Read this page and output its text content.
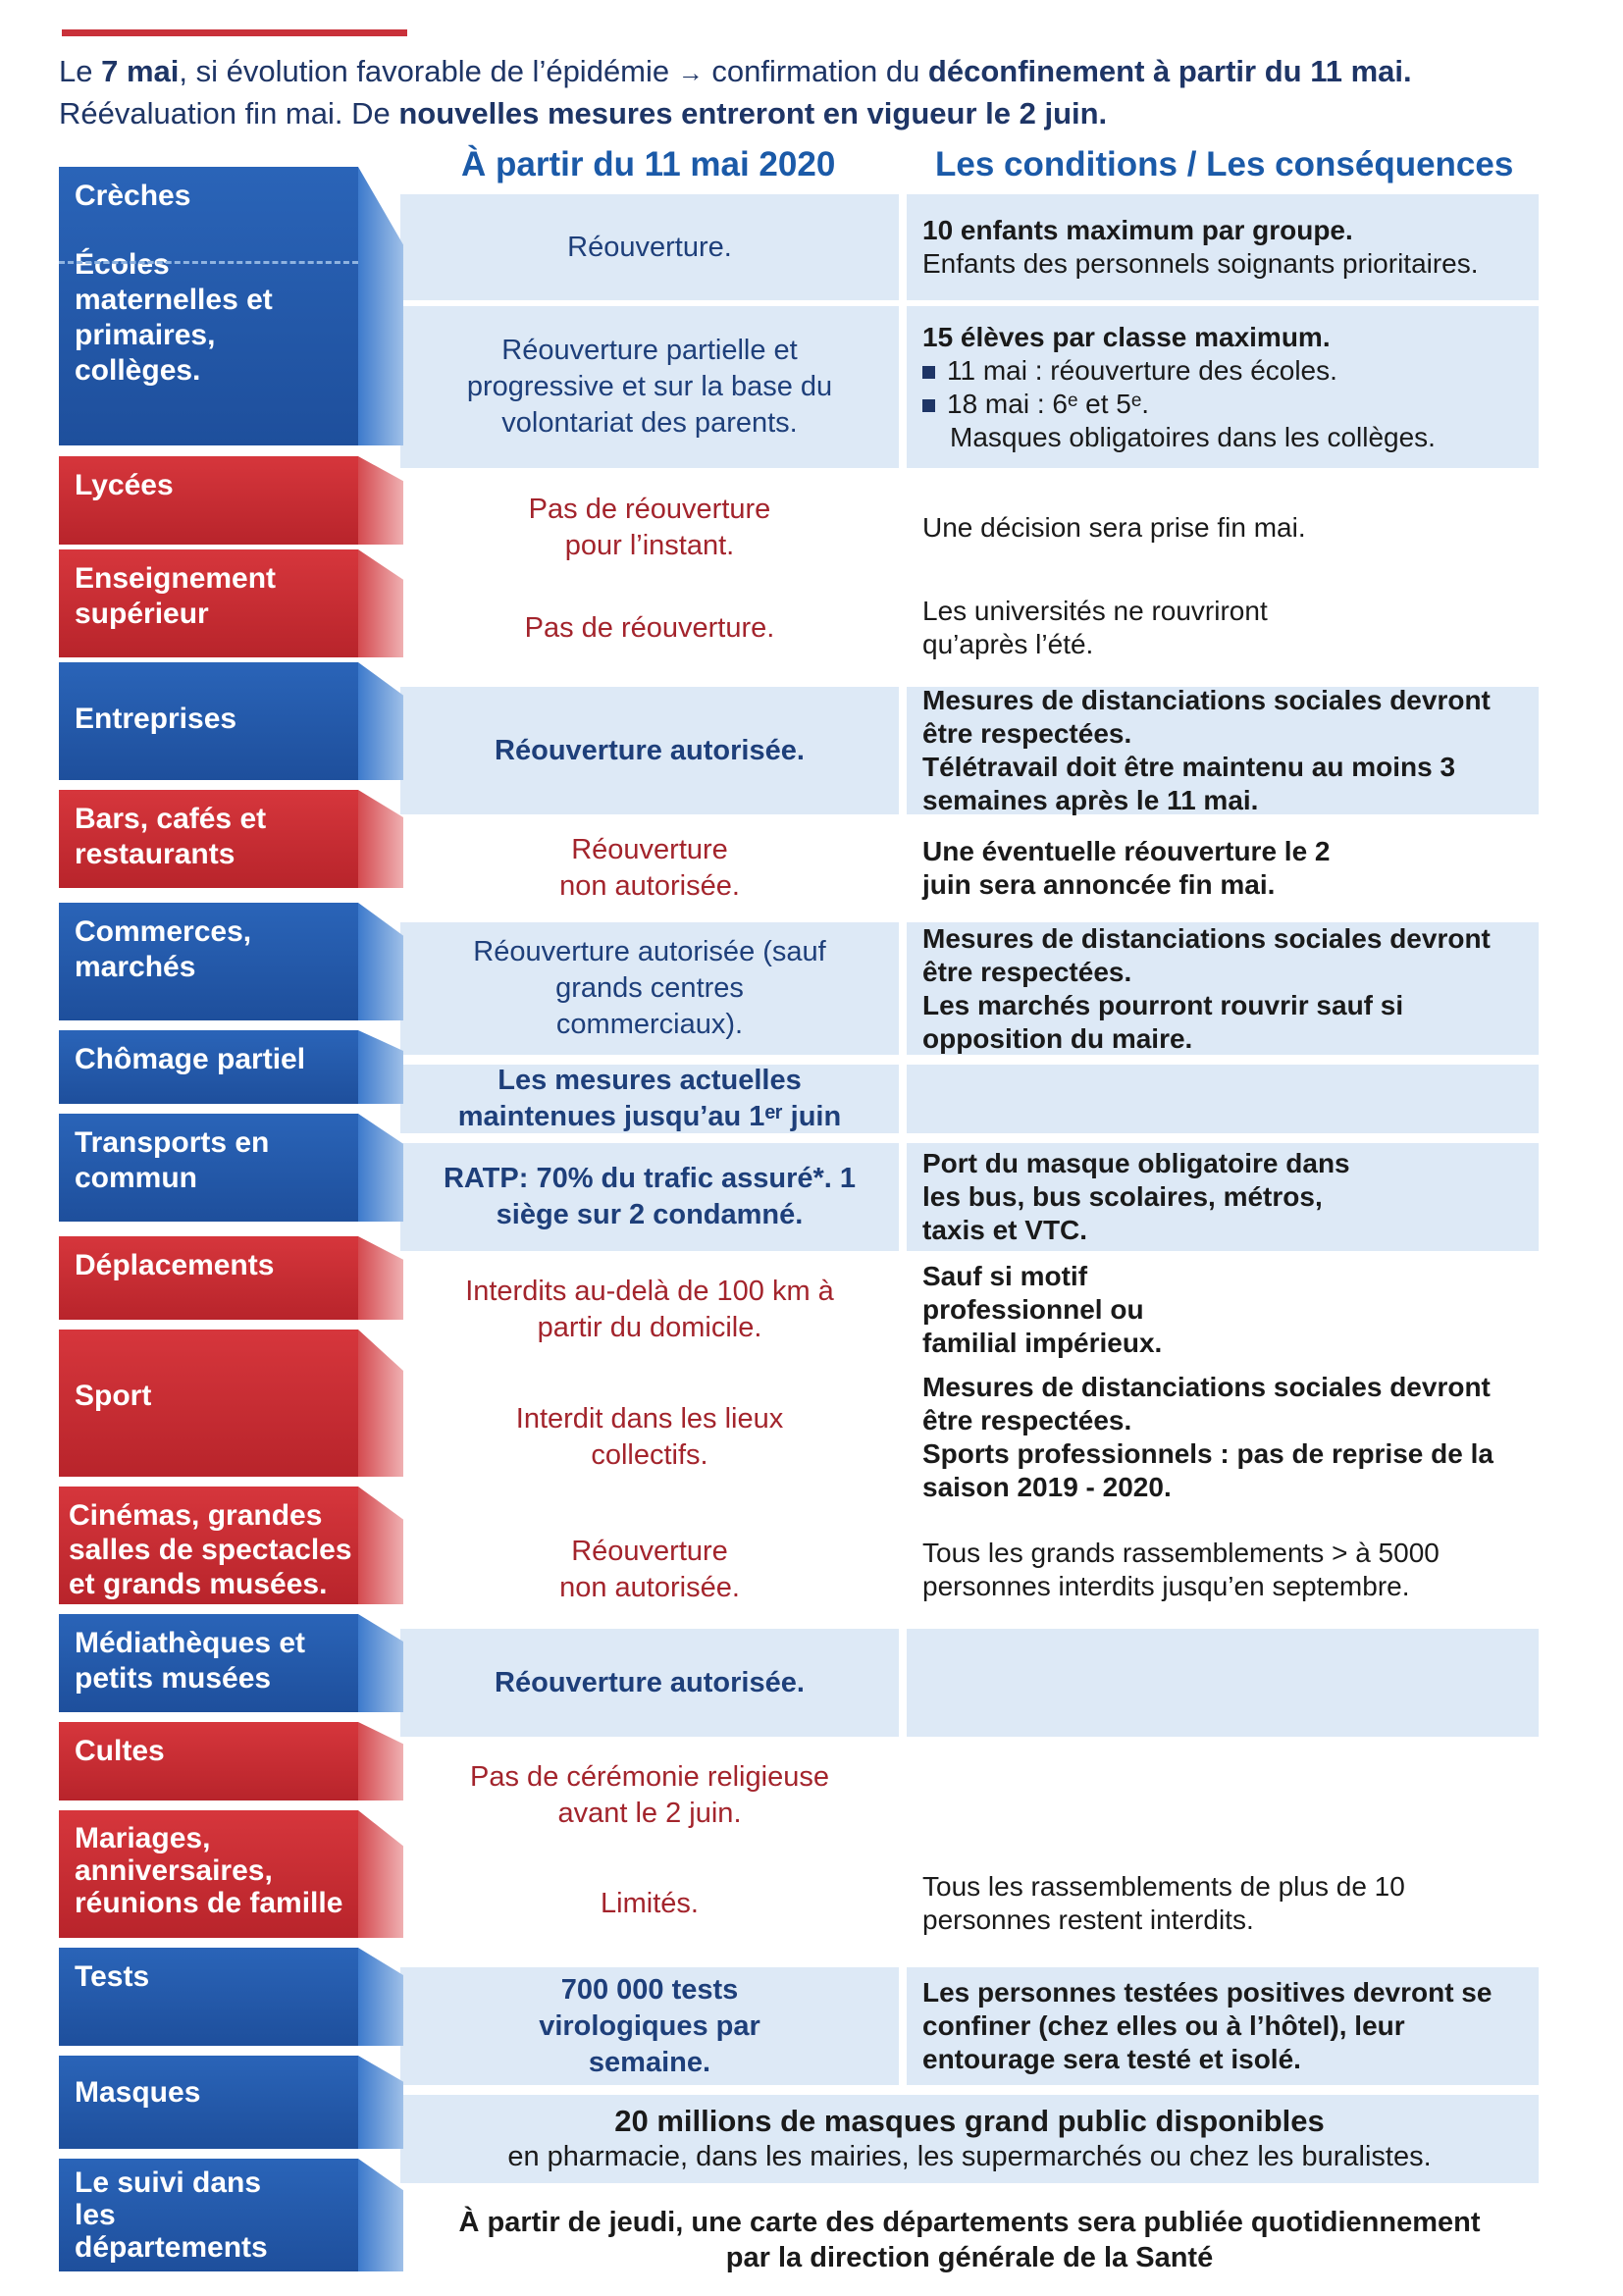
Le 7 mai, si évolution favorable de l’épidémie → confirmation du déconfinement à partir du 11 mai.
Réévaluation fin mai. De nouvelles mesures entreront en vigueur le 2 juin.
À partir du 11 mai 2020	Les conditions / Les conséquences
Réouverture.
10 enfants maximum par groupe.
Enfants des personnels soignants prioritaires.
Réouverture partielle et progressive et sur la base du volontariat des parents.
15 élèves par classe maximum.
11 mai : réouverture des écoles.
18 mai : 6ᵉ et 5ᵉ.
Masques obligatoires dans les collèges.
Pas de réouverture pour l’instant.
Une décision sera prise fin mai.
Pas de réouverture.
Les universités ne rouvriront qu’après l’été.
Réouverture autorisée.
Mesures de distanciations sociales devront être respectées.
Télétravail doit être maintenu au moins 3 semaines après le 11 mai.
Réouverture non autorisée.
Une éventuelle réouverture le 2 juin sera annoncée fin mai.
Réouverture autorisée (sauf grands centres commerciaux).
Mesures de distanciations sociales devront être respectées.
Les marchés pourront rouvrir sauf si opposition du maire.
Les mesures actuelles maintenues jusqu’au 1ᵉʳ juin
RATP: 70% du trafic assuré*. 1 siège sur 2 condamné.
Port du masque obligatoire dans les bus, bus scolaires, métros, taxis et VTC.
Interdits au-delà de 100 km à partir du domicile.
Sauf si motif professionnel ou familial impérieux.
Interdit dans les lieux collectifs.
Mesures de distanciations sociales devront être respectées.
Sports professionnels : pas de reprise de la saison 2019 - 2020.
Réouverture non autorisée.
Tous les grands rassemblements > à 5000 personnes interdits jusqu’en septembre.
Réouverture autorisée.
Pas de cérémonie religieuse avant le 2 juin.
Limités.
Tous les rassemblements de plus de 10 personnes restent interdits.
700 000 tests virologiques par semaine.
Les personnes testées positives devront se confiner (chez elles ou à l’hôtel), leur entourage sera testé et isolé.
20 millions de masques grand public disponibles
en pharmacie, dans les mairies, les supermarchés ou chez les buralistes.
À partir de jeudi, une carte des départements sera publiée quotidiennement
par la direction générale de la Santé
Crèches
Écoles maternelles et primaires, collèges.
Lycées
Enseignement supérieur
Entreprises
Bars, cafés et restaurants
Commerces, marchés
Chômage partiel
Transports en commun
Déplacements
Sport
Cinémas, grandes salles de spectacles et grands musées.
Médiathèques et petits musées
Cultes
Mariages, anniversaires, réunions de famille
Tests
Masques
Le suivi dans les départements
